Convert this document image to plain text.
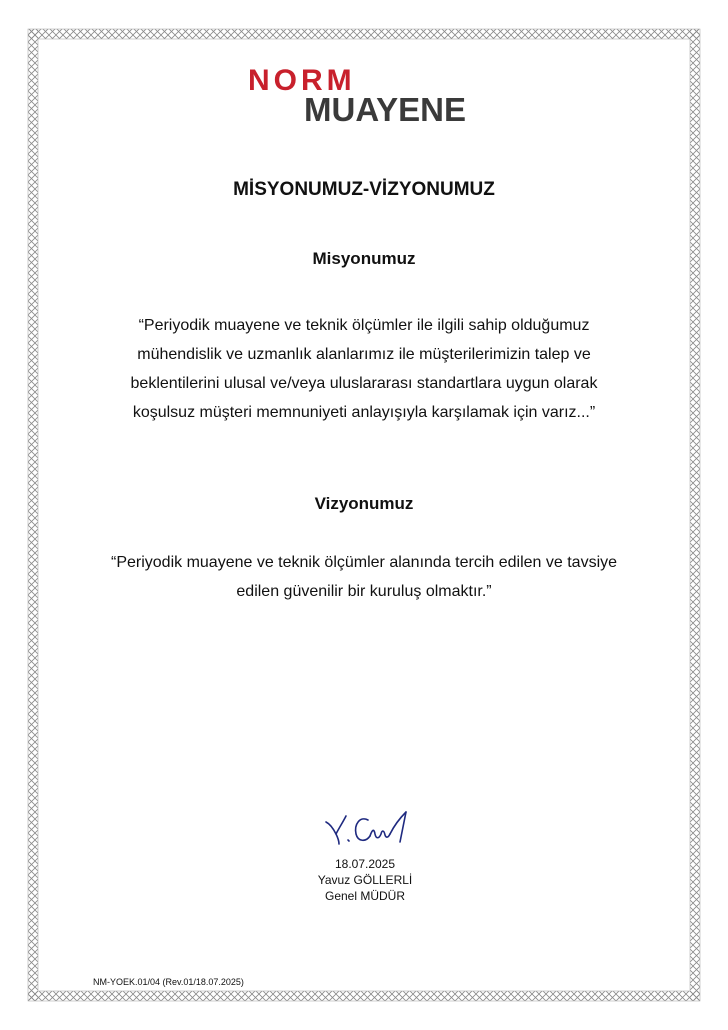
NORM
MUAYENE
MİSYONUMUZ-VİZYONUMUZ
Misyonumuz
“Periyodik muayene ve teknik ölçümler ile ilgili sahip olduğumuz
mühendislik ve uzmanlık alanlarımız ile müşterilerimizin talep ve
beklentilerini ulusal ve/veya uluslararası standartlara uygun olarak
koşulsuz müşteri memnuniyeti anlayışıyla karşılamak için varız...”
Vizyonumuz
“Periyodik muayene ve teknik ölçümler alanında tercih edilen ve tavsiye
edilen güvenilir bir kuruluş olmaktır.”
18.07.2025
Yavuz GÖLLERLİ
Genel MÜDÜR
NM-YOEK.01/04 (Rev.01/18.07.2025)
